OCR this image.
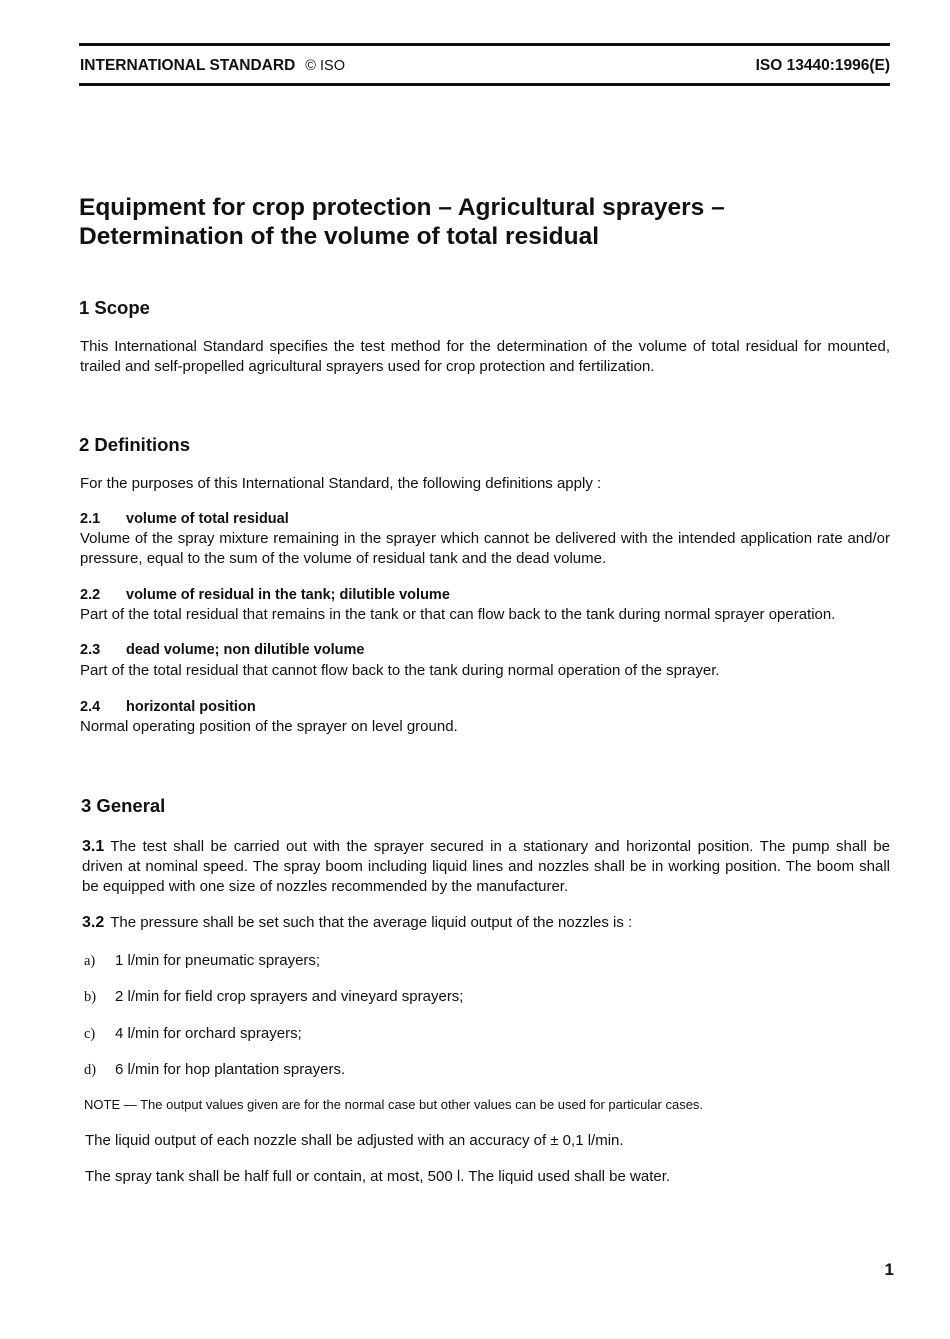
INTERNATIONAL STANDARD © ISO	ISO 13440:1996(E)
Equipment for crop protection – Agricultural sprayers –
Determination of the volume of total residual
1 Scope
This International Standard specifies the test method for the determination of the volume of total residual for mounted, trailed and self-propelled agricultural sprayers used for crop protection and fertilization.
2 Definitions
For the purposes of this International Standard, the following definitions apply :
2.1 volume of total residual
Volume of the spray mixture remaining in the sprayer which cannot be delivered with the intended application rate and/or pressure, equal to the sum of the volume of residual tank and the dead volume.
2.2 volume of residual in the tank; dilutible volume
Part of the total residual that remains in the tank or that can flow back to the tank during normal sprayer operation.
2.3 dead volume; non dilutible volume
Part of the total residual that cannot flow back to the tank during normal operation of the sprayer.
2.4 horizontal position
Normal operating position of the sprayer on level ground.
3 General
3.1 The test shall be carried out with the sprayer secured in a stationary and horizontal position. The pump shall be driven at nominal speed. The spray boom including liquid lines and nozzles shall be in working position. The boom shall be equipped with one size of nozzles recommended by the manufacturer.
3.2 The pressure shall be set such that the average liquid output of the nozzles is :
a) 1 l/min for pneumatic sprayers;
b) 2 l/min for field crop sprayers and vineyard sprayers;
c) 4 l/min for orchard sprayers;
d) 6 l/min for hop plantation sprayers.
NOTE — The output values given are for the normal case but other values can be used for particular cases.
The liquid output of each nozzle shall be adjusted with an accuracy of ± 0,1 l/min.
The spray tank shall be half full or contain, at most, 500 l. The liquid used shall be water.
1
